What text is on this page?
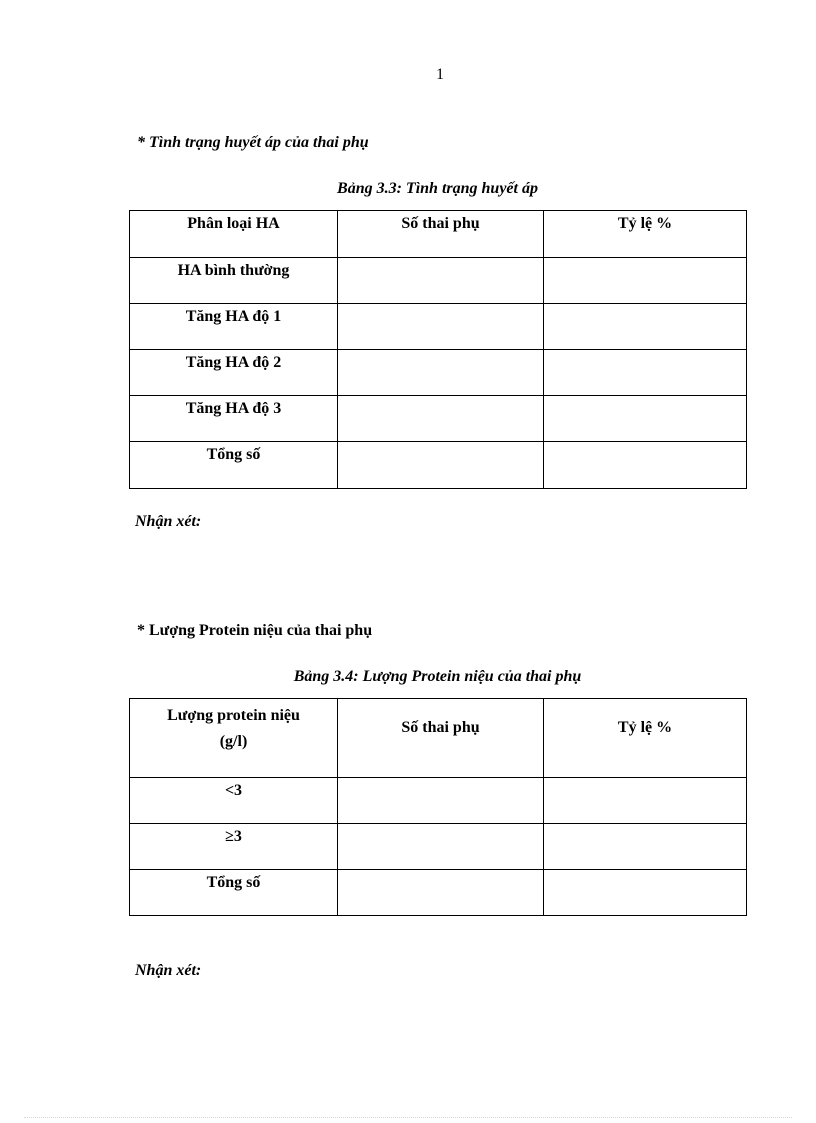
1
* Tình trạng huyết áp của thai phụ
Bảng 3.3: Tình trạng huyết áp
Phân loại HA	Số thai phụ	Tỷ lệ %
HA bình thường		
Tăng HA độ 1		
Tăng HA độ 2		
Tăng HA độ 3		
Tổng số		
Nhận xét:
* Lượng Protein niệu của thai phụ
Bảng 3.4: Lượng Protein niệu của thai phụ
Lượng protein niệu
(g/l)	Số thai phụ	Tỷ lệ %
<3		
≥3		
Tổng số		
Nhận xét:
